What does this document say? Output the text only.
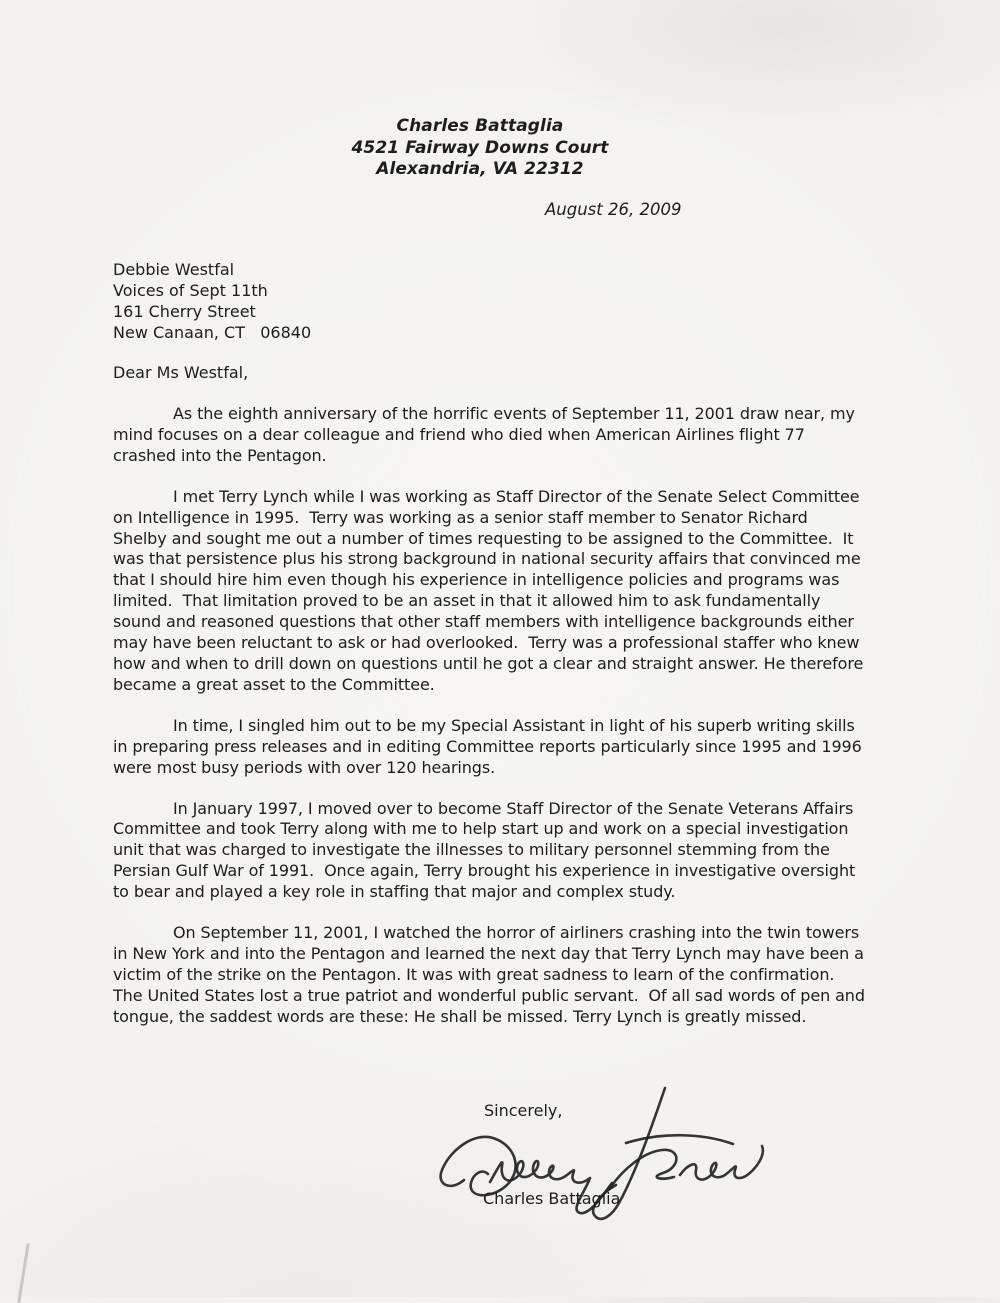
Charles Battaglia
4521 Fairway Downs Court
Alexandria, VA 22312
August 26, 2009
Debbie Westfal
Voices of Sept 11th
161 Cherry Street
New Canaan, CT   06840
Dear Ms Westfal,

As the eighth anniversary of the horrific events of September 11, 2001 draw near, my mind focuses on a dear colleague and friend who died when American Airlines flight 77 crashed into the Pentagon.

I met Terry Lynch while I was working as Staff Director of the Senate Select Committee on Intelligence in 1995.  Terry was working as a senior staff member to Senator Richard Shelby and sought me out a number of times requesting to be assigned to the Committee.  It was that persistence plus his strong background in national security affairs that convinced me that I should hire him even though his experience in intelligence policies and programs was limited.  That limitation proved to be an asset in that it allowed him to ask fundamentally sound and reasoned questions that other staff members with intelligence backgrounds either may have been reluctant to ask or had overlooked.  Terry was a professional staffer who knew how and when to drill down on questions until he got a clear and straight answer. He therefore became a great asset to the Committee.

In time, I singled him out to be my Special Assistant in light of his superb writing skills in preparing press releases and in editing Committee reports particularly since 1995 and 1996 were most busy periods with over 120 hearings.

In January 1997, I moved over to become Staff Director of the Senate Veterans Affairs Committee and took Terry along with me to help start up and work on a special investigation unit that was charged to investigate the illnesses to military personnel stemming from the Persian Gulf War of 1991.  Once again, Terry brought his experience in investigative oversight to bear and played a key role in staffing that major and complex study.

On September 11, 2001, I watched the horror of airliners crashing into the twin towers in New York and into the Pentagon and learned the next day that Terry Lynch may have been a victim of the strike on the Pentagon. It was with great sadness to learn of the confirmation.  The United States lost a true patriot and wonderful public servant.  Of all sad words of pen and tongue, the saddest words are these: He shall be missed. Terry Lynch is greatly missed.

Sincerely,
Charles Battaglia
